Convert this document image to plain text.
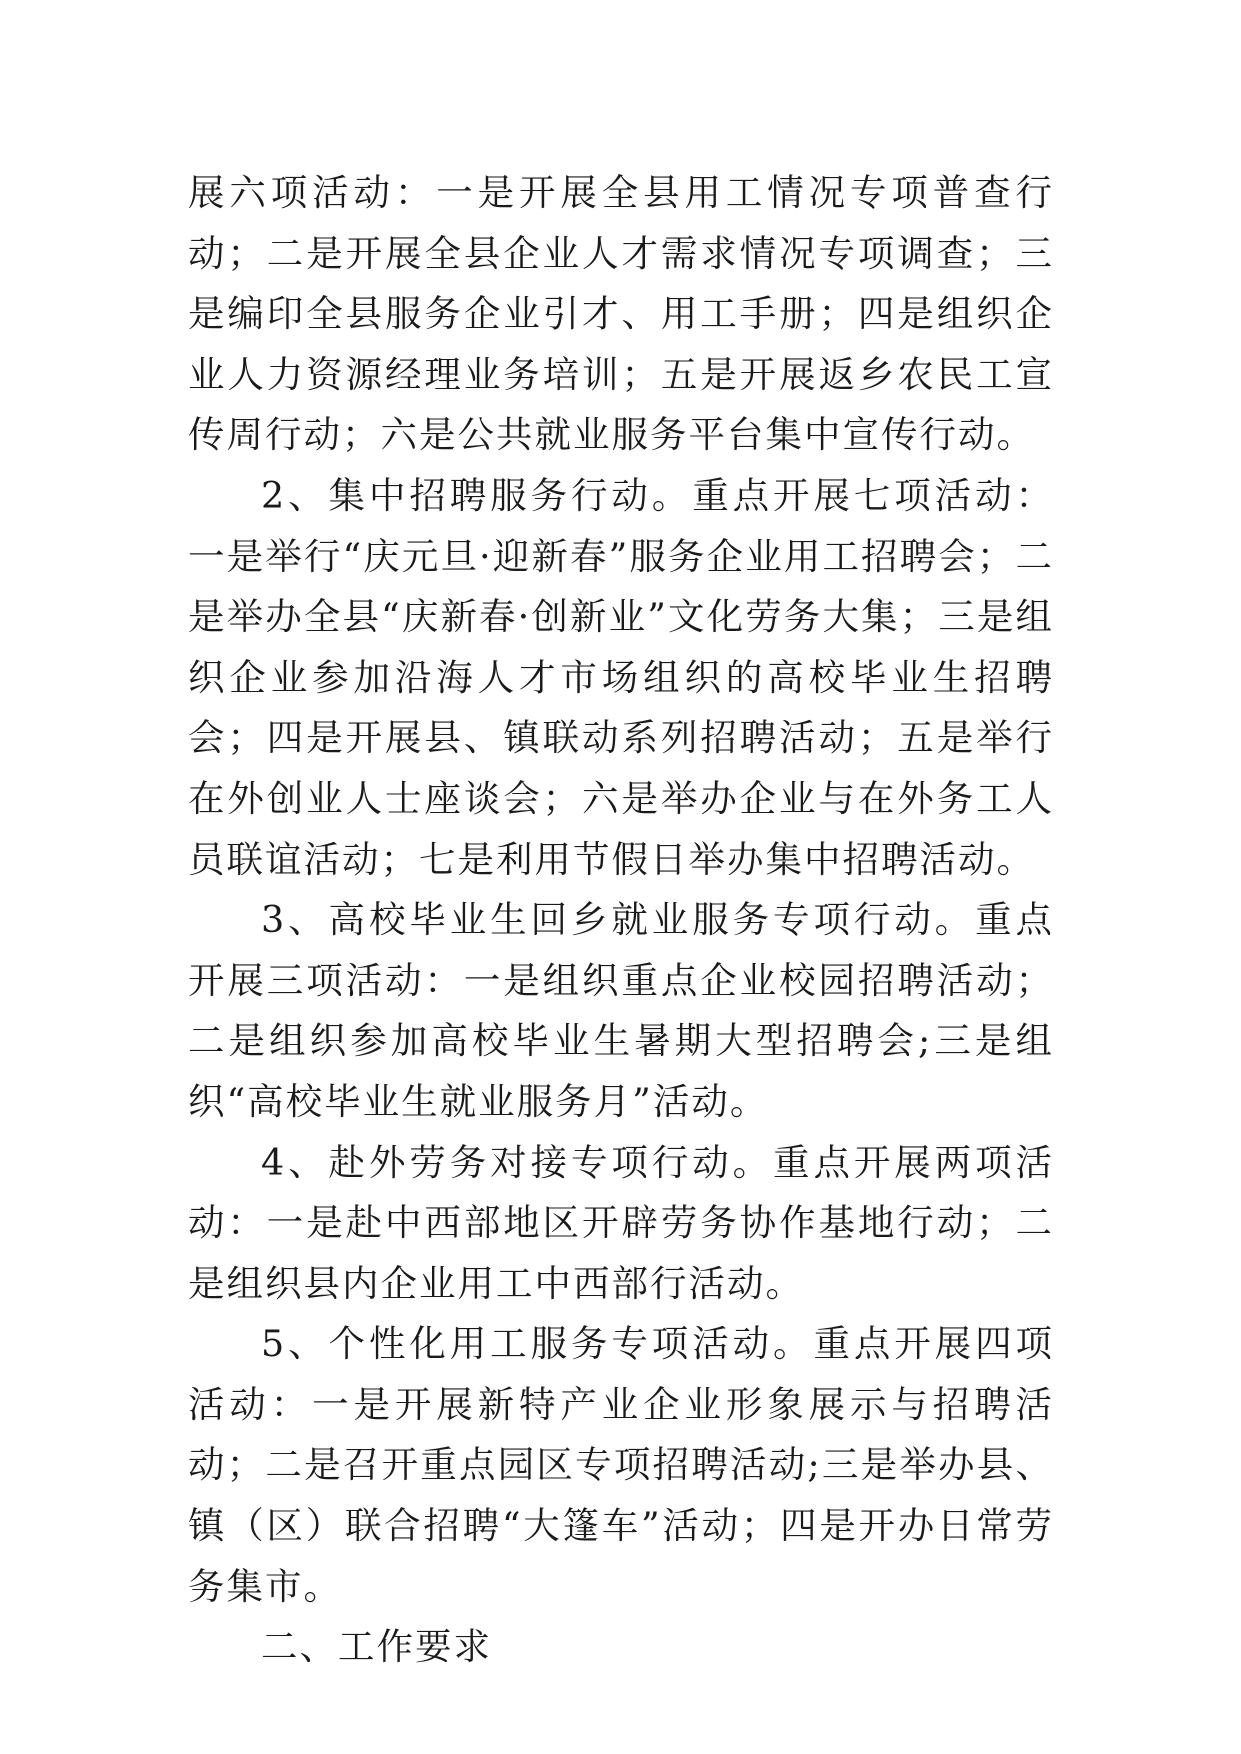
展六项活动：一是开展全县用工情况专项普查行动；二是开展全县企业人才需求情况专项调查；三是编印全县服务企业引才、用工手册；四是组织企业人力资源经理业务培训；五是开展返乡农民工宣传周行动；六是公共就业服务平台集中宣传行动。

2、集中招聘服务行动。重点开展七项活动：一是举行“庆元旦·迎新春”服务企业用工招聘会；二是举办全县“庆新春·创新业”文化劳务大集；三是组织企业参加沿海人才市场组织的高校毕业生招聘会；四是开展县、镇联动系列招聘活动；五是举行在外创业人士座谈会；六是举办企业与在外务工人员联谊活动；七是利用节假日举办集中招聘活动。

3、高校毕业生回乡就业服务专项行动。重点开展三项活动：一是组织重点企业校园招聘活动；二是组织参加高校毕业生暑期大型招聘会;三是组织“高校毕业生就业服务月”活动。

4、赴外劳务对接专项行动。重点开展两项活动：一是赴中西部地区开辟劳务协作基地行动；二是组织县内企业用工中西部行活动。

5、个性化用工服务专项活动。重点开展四项活动：一是开展新特产业企业形象展示与招聘活动；二是召开重点园区专项招聘活动;三是举办县、镇（区）联合招聘“大篷车”活动；四是开办日常劳务集市。

二、工作要求
